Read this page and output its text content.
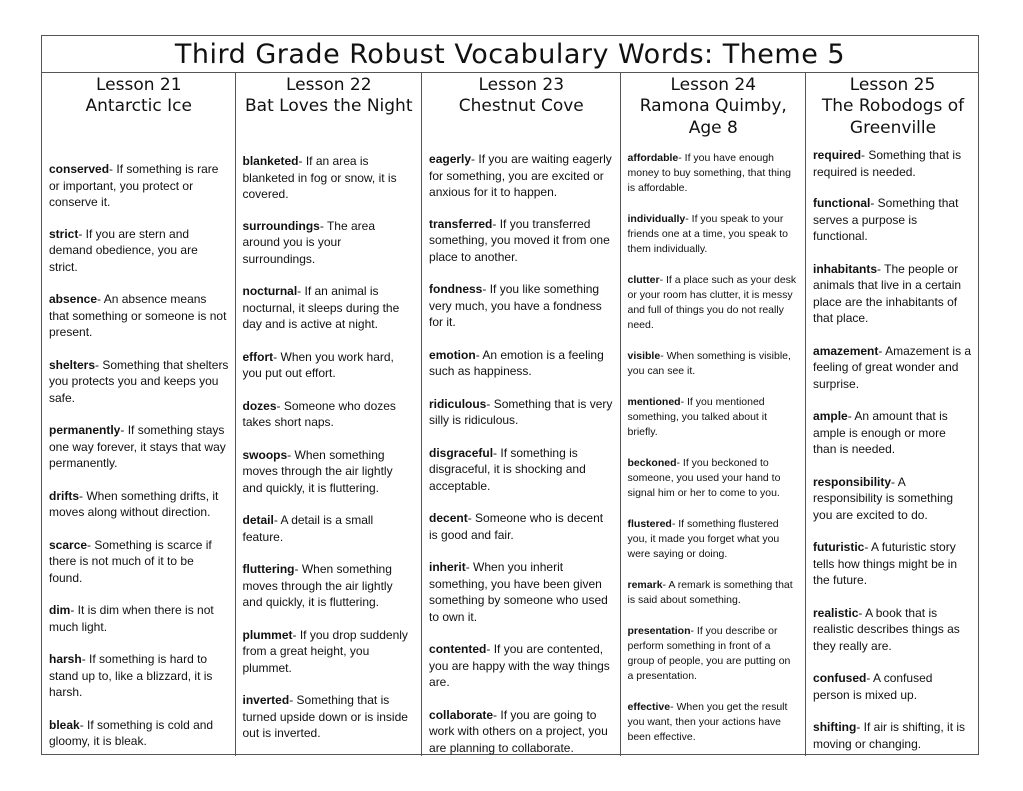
Third Grade Robust Vocabulary Words: Theme 5
Lesson 21
Antarctic Ice
conserved- If something is rare or important, you protect or conserve it.
strict- If you are stern and demand obedience, you are strict.
absence- An absence means that something or someone is not present.
shelters- Something that shelters you protects you and keeps you safe.
permanently- If something stays one way forever, it stays that way permanently.
drifts- When something drifts, it moves along without direction.
scarce- Something is scarce if there is not much of it to be found.
dim- It is dim when there is not much light.
harsh- If something is hard to stand up to, like a blizzard, it is harsh.
bleak- If something is cold and gloomy, it is bleak.
Lesson 22
Bat Loves the Night
blanketed- If an area is blanketed in fog or snow, it is covered.
surroundings- The area around you is your surroundings.
nocturnal- If an animal is nocturnal, it sleeps during the day and is active at night.
effort- When you work hard, you put out effort.
dozes- Someone who dozes takes short naps.
swoops- When something moves through the air lightly and quickly, it is fluttering.
detail- A detail is a small feature.
fluttering- When something moves through the air lightly and quickly, it is fluttering.
plummet- If you drop suddenly from a great height, you plummet.
inverted- Something that is turned upside down or is inside out is inverted.
Lesson 23
Chestnut Cove
eagerly- If you are waiting eagerly for something, you are excited or anxious for it to happen.
transferred- If you transferred something, you moved it from one place to another.
fondness- If you like something very much, you have a fondness for it.
emotion- An emotion is a feeling such as happiness.
ridiculous- Something that is very silly is ridiculous.
disgraceful- If something is disgraceful, it is shocking and acceptable.
decent- Someone who is decent is good and fair.
inherit- When you inherit something, you have been given something by someone who used to own it.
contented- If you are contented, you are happy with the way things are.
collaborate- If you are going to work with others on a project, you are planning to collaborate.
Lesson 24
Ramona Quimby, Age 8
affordable- If you have enough money to buy something, that thing is affordable.
individually- If you speak to your friends one at a time, you speak to them individually.
clutter- If a place such as your desk or your room has clutter, it is messy and full of things you do not really need.
visible- When something is visible, you can see it.
mentioned- If you mentioned something, you talked about it briefly.
beckoned- If you beckoned to someone, you used your hand to signal him or her to come to you.
flustered- If something flustered you, it made you forget what you were saying or doing.
remark- A remark is something that is said about something.
presentation- If you describe or perform something in front of a group of people, you are putting on a presentation.
effective- When you get the result you want, then your actions have been effective.
Lesson 25
The Robodogs of Greenville
required- Something that is required is needed.
functional- Something that serves a purpose is functional.
inhabitants- The people or animals that live in a certain place are the inhabitants of that place.
amazement- Amazement is a feeling of great wonder and surprise.
ample- An amount that is ample is enough or more than is needed.
responsibility- A responsibility is something you are excited to do.
futuristic- A futuristic story tells how things might be in the future.
realistic- A book that is realistic describes things as they really are.
confused- A confused person is mixed up.
shifting- If air is shifting, it is moving or changing.
